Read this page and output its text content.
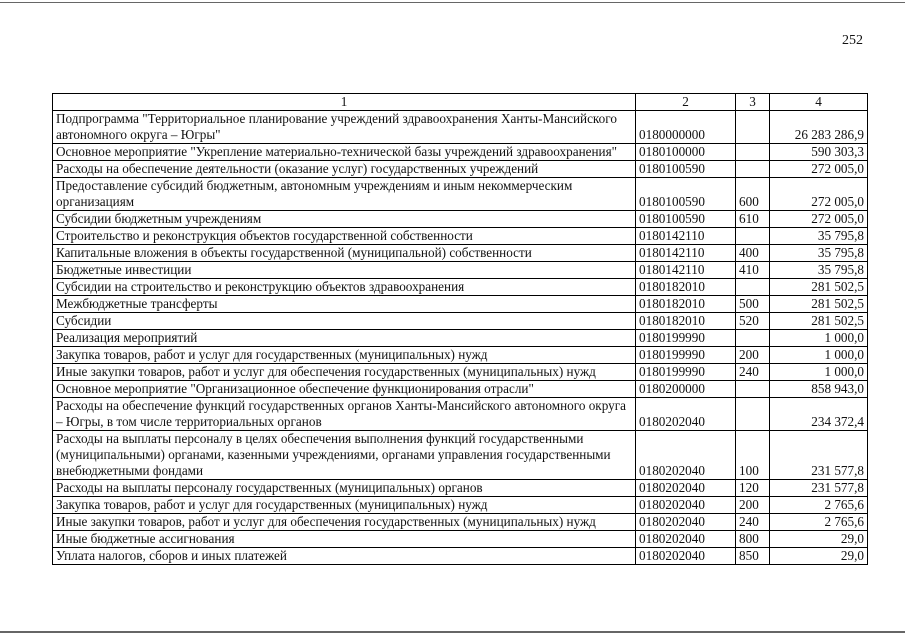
252
1	2	3	4
Подпрограмма "Территориальное планирование учреждений здравоохранения Ханты-Мансийского автономного округа – Югры"	0180000000		26 283 286,9
Основное мероприятие "Укрепление материально-технической базы учреждений здравоохранения"	0180100000		590 303,3
Расходы на обеспечение деятельности (оказание услуг) государственных учреждений	0180100590		272 005,0
Предоставление субсидий бюджетным, автономным учреждениям и иным некоммерческим организациям	0180100590	600	272 005,0
Субсидии бюджетным учреждениям	0180100590	610	272 005,0
Строительство и реконструкция объектов государственной собственности	0180142110		35 795,8
Капитальные вложения в объекты государственной (муниципальной) собственности	0180142110	400	35 795,8
Бюджетные инвестиции	0180142110	410	35 795,8
Субсидии на строительство и реконструкцию объектов здравоохранения	0180182010		281 502,5
Межбюджетные трансферты	0180182010	500	281 502,5
Субсидии	0180182010	520	281 502,5
Реализация мероприятий	0180199990		1 000,0
Закупка товаров, работ и услуг для государственных (муниципальных) нужд	0180199990	200	1 000,0
Иные закупки товаров, работ и услуг для обеспечения государственных (муниципальных) нужд	0180199990	240	1 000,0
Основное мероприятие "Организационное обеспечение функционирования отрасли"	0180200000		858 943,0
Расходы на обеспечение функций государственных органов Ханты-Мансийского автономного округа – Югры, в том числе территориальных органов	0180202040		234 372,4
Расходы на выплаты персоналу в целях обеспечения выполнения функций государственными (муниципальными) органами, казенными учреждениями, органами управления государственными внебюджетными фондами	0180202040	100	231 577,8
Расходы на выплаты персоналу государственных (муниципальных) органов	0180202040	120	231 577,8
Закупка товаров, работ и услуг для государственных (муниципальных) нужд	0180202040	200	2 765,6
Иные закупки товаров, работ и услуг для обеспечения государственных (муниципальных) нужд	0180202040	240	2 765,6
Иные бюджетные ассигнования	0180202040	800	29,0
Уплата налогов, сборов и иных платежей	0180202040	850	29,0
